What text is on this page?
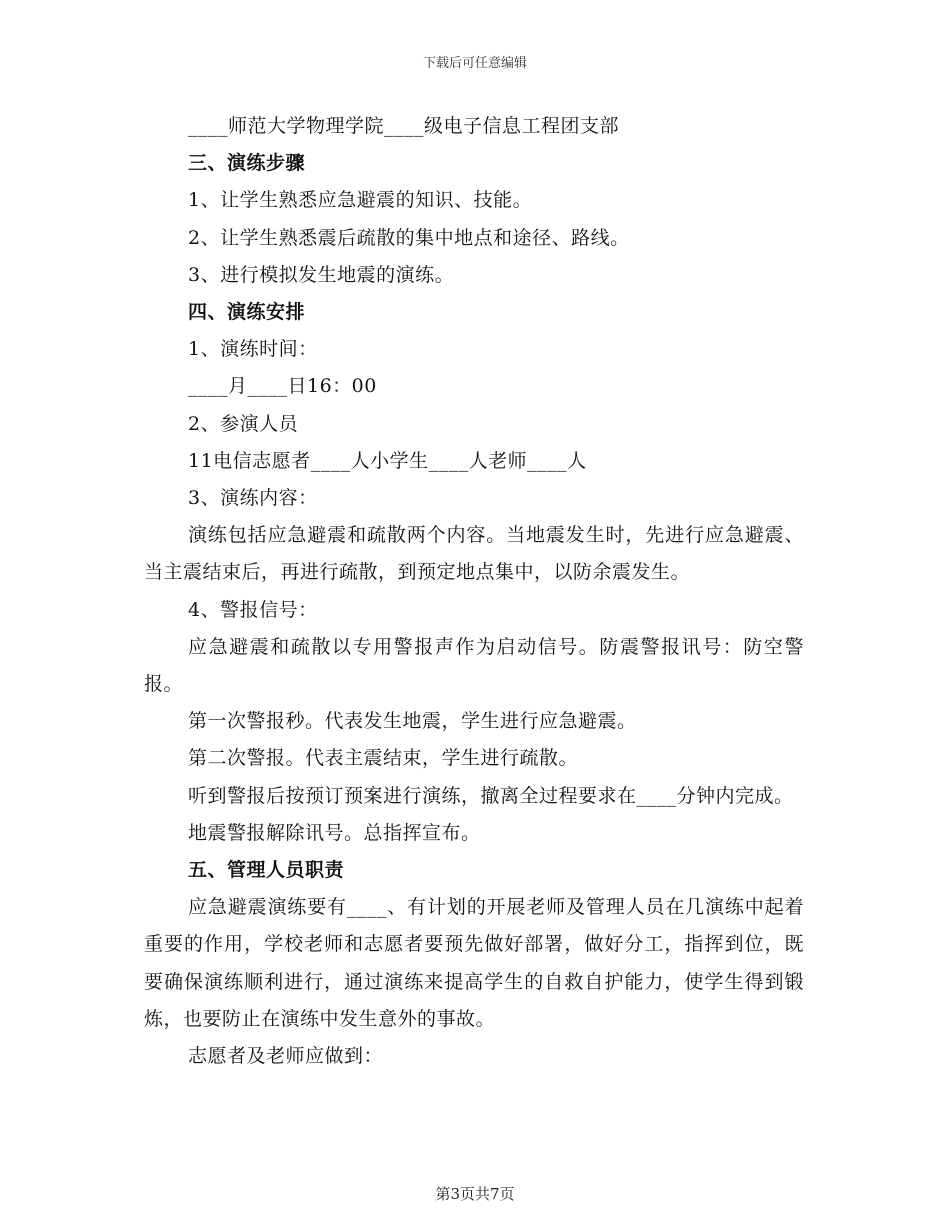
下载后可任意编辑

____师范大学物理学院____级电子信息工程团支部

三、演练步骤

1、让学生熟悉应急避震的知识、技能。

2、让学生熟悉震后疏散的集中地点和途径、路线。

3、进行模拟发生地震的演练。

四、演练安排

1、演练时间：

____月____日16：00

2、参演人员

11电信志愿者____人小学生____人老师____人

3、演练内容：

演练包括应急避震和疏散两个内容。当地震发生时，先进行应急避震、当主震结束后，再进行疏散，到预定地点集中，以防余震发生。

4、警报信号：

应急避震和疏散以专用警报声作为启动信号。防震警报讯号：防空警报。

第一次警报秒。代表发生地震，学生进行应急避震。

第二次警报。代表主震结束，学生进行疏散。

听到警报后按预订预案进行演练，撤离全过程要求在____分钟内完成。

地震警报解除讯号。总指挥宣布。

五、管理人员职责

应急避震演练要有____、有计划的开展老师及管理人员在几演练中起着重要的作用，学校老师和志愿者要预先做好部署，做好分工，指挥到位，既要确保演练顺利进行，通过演练来提高学生的自救自护能力，使学生得到锻炼，也要防止在演练中发生意外的事故。

志愿者及老师应做到：

第3页共7页
